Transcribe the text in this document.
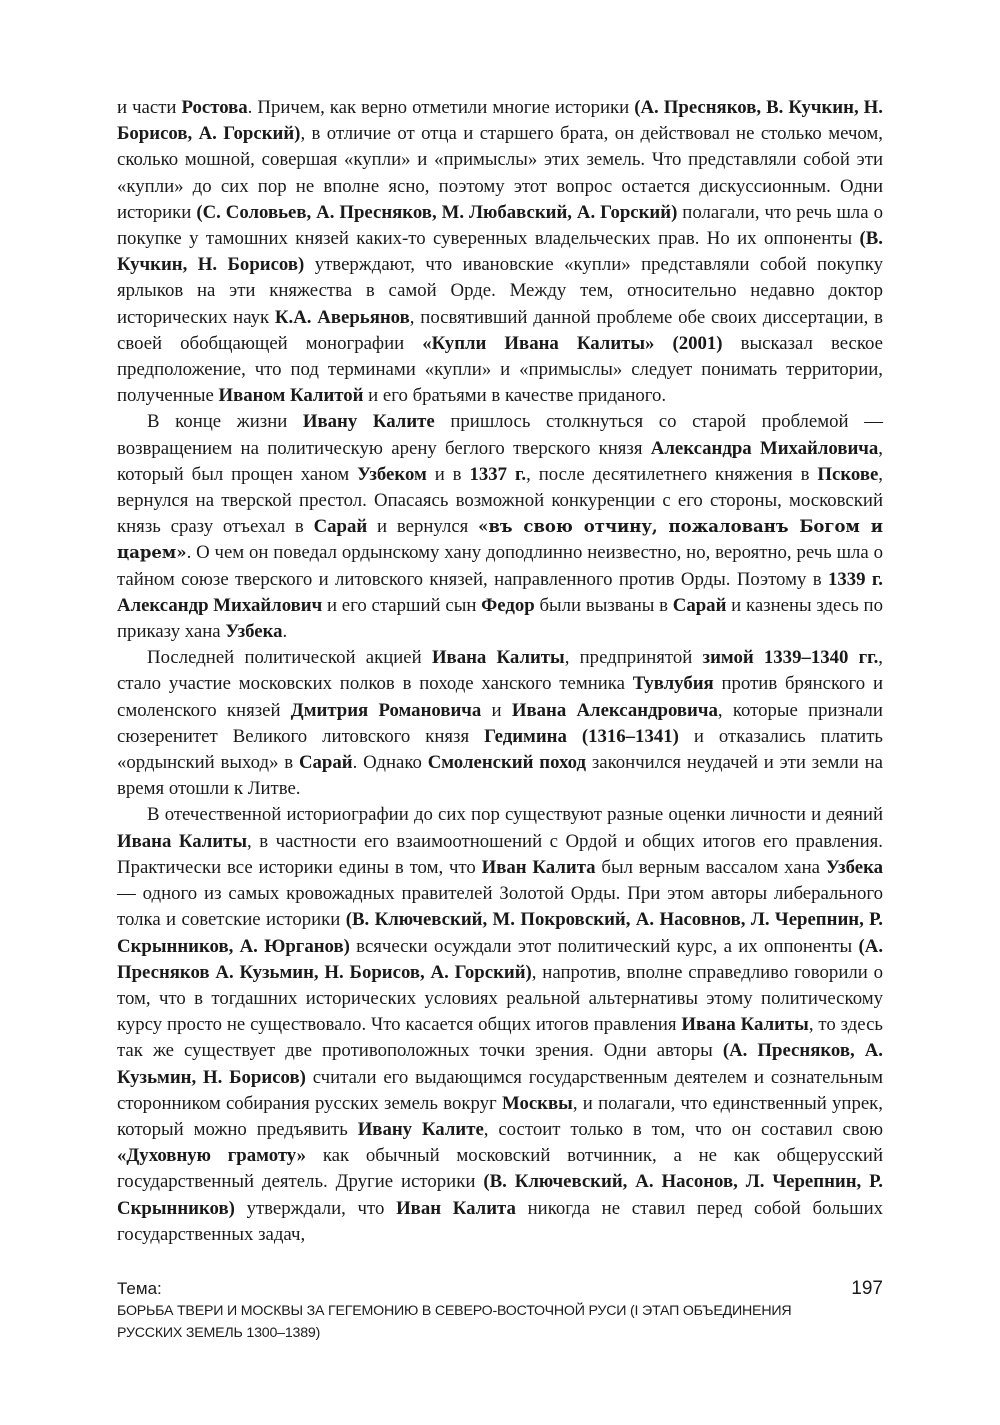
и части Ростова. Причем, как верно отметили многие историки (А. Пресняков, В. Кучкин, Н. Борисов, А. Горский), в отличие от отца и старшего брата, он действовал не столько мечом, сколько мошной, совершая «купли» и «примыслы» этих земель. Что представляли собой эти «купли» до сих пор не вполне ясно, поэтому этот вопрос остается дискуссионным. Одни историки (С. Соловьев, А. Пресняков, М. Любавский, А. Горский) полагали, что речь шла о покупке у тамошних князей каких-то суверенных владельческих прав. Но их оппоненты (В. Кучкин, Н. Борисов) утверждают, что ивановские «купли» представляли собой покупку ярлыков на эти княжества в самой Орде. Между тем, относительно недавно доктор исторических наук К.А. Аверьянов, посвятивший данной проблеме обе своих диссертации, в своей обобщающей монографии «Купли Ивана Калиты» (2001) высказал веское предположение, что под терминами «купли» и «примыслы» следует понимать территории, полученные Иваном Калитой и его братьями в качестве приданого.

В конце жизни Ивану Калите пришлось столкнуться со старой проблемой — возвращением на политическую арену беглого тверского князя Александра Михайловича, который был прощен ханом Узбеком и в 1337 г., после десятилетнего княжения в Пскове, вернулся на тверской престол. Опасаясь возможной конкуренции с его стороны, московский князь сразу отъехал в Сарай и вернулся «въ свою отчину, пожалованъ Богом и царем». О чем он поведал ордынскому хану доподлинно неизвестно, но, вероятно, речь шла о тайном союзе тверского и литовского князей, направленного против Орды. Поэтому в 1339 г. Александр Михайлович и его старший сын Федор были вызваны в Сарай и казнены здесь по приказу хана Узбека.

Последней политической акцией Ивана Калиты, предпринятой зимой 1339–1340 гг., стало участие московских полков в походе ханского темника Тувлубия против брянского и смоленского князей Дмитрия Романовича и Ивана Александровича, которые признали сюзеренитет Великого литовского князя Гедимина (1316–1341) и отказались платить «ордынский выход» в Сарай. Однако Смоленский поход закончился неудачей и эти земли на время отошли к Литве.

В отечественной историографии до сих пор существуют разные оценки личности и деяний Ивана Калиты, в частности его взаимоотношений с Ордой и общих итогов его правления. Практически все историки едины в том, что Иван Калита был верным вассалом хана Узбека — одного из самых кровожадных правителей Золотой Орды. При этом авторы либерального толка и советские историки (В. Ключевский, М. Покровский, А. Насовнов, Л. Черепнин, Р. Скрынников, А. Юрганов) всячески осуждали этот политический курс, а их оппоненты (А. Пресняков А. Кузьмин, Н. Борисов, А. Горский), напротив, вполне справедливо говорили о том, что в тогдашних исторических условиях реальной альтернативы этому политическому курсу просто не существовало. Что касается общих итогов правления Ивана Калиты, то здесь так же существует две противоположных точки зрения. Одни авторы (А. Пресняков, А. Кузьмин, Н. Борисов) считали его выдающимся государственным деятелем и сознательным сторонником собирания русских земель вокруг Москвы, и полагали, что единственный упрек, который можно предъявить Ивану Калите, состоит только в том, что он составил свою «Духовную грамоту» как обычный московский вотчинник, а не как общерусский государственный деятель. Другие историки (В. Ключевский, А. Насонов, Л. Черепнин, Р. Скрынников) утверждали, что Иван Калита никогда не ставил перед собой больших государственных задач,

Тема:
БОРЬБА ТВЕРИ И МОСКВЫ ЗА ГЕГЕМОНИЮ В СЕВЕРО-ВОСТОЧНОЙ РУСИ (I ЭТАП ОБЪЕДИНЕНИЯ
РУССКИХ ЗЕМЕЛЬ 1300–1389)
197
